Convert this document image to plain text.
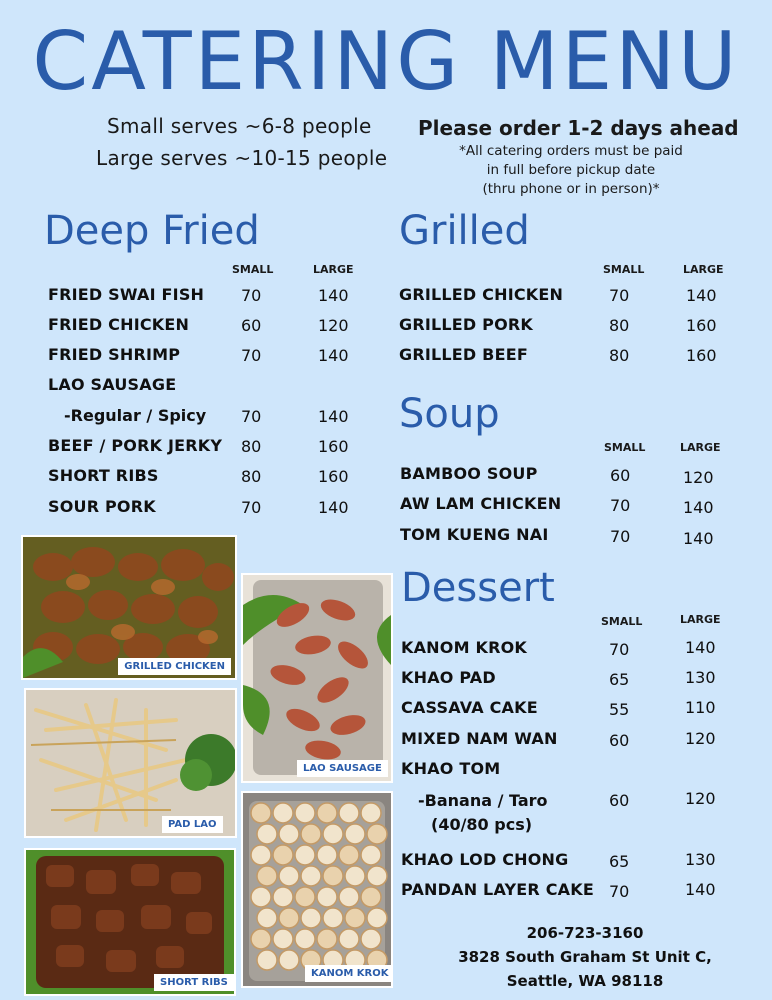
CATERING MENU
Small serves ~6-8 people
Large serves ~10-15 people
Please order 1-2 days ahead
*All catering orders must be paid
in full before pickup date
(thru phone or in person)*
Deep Fried
SMALL	LARGE
FRIED SWAI FISH 70	140
FRIED CHICKEN	60	120
FRIED SHRIMP	70	140
LAO SAUSAGE
-Regular / Spicy 70	140
BEEF / PORK JERKY 80	160
SHORT RIBS	80	160
SOUR PORK	70	140
Grilled
SMALL	LARGE
GRILLED CHICKEN	70	140
GRILLED PORK	80	160
GRILLED BEEF	80	160
Soup
SMALL	LARGE
BAMBOO SOUP	60	120
AW LAM CHICKEN	70	140
TOM KUENG NAI	70	140
Dessert
SMALL	LARGE
KANOM KROK	70	140
KHAO PAD	65	130
CASSAVA CAKE	55	110
MIXED NAM WAN	60	120
KHAO TOM
-Banana / Taro	60	120
(40/80 pcs)
KHAO LOD CHONG	65	130
PANDAN LAYER CAKE 70	140
206-723-3160
3828 South Graham St Unit C,
Seattle, WA 98118
GRILLED CHICKEN
PAD LAO
SHORT RIBS
LAO SAUSAGE
KANOM KROK
